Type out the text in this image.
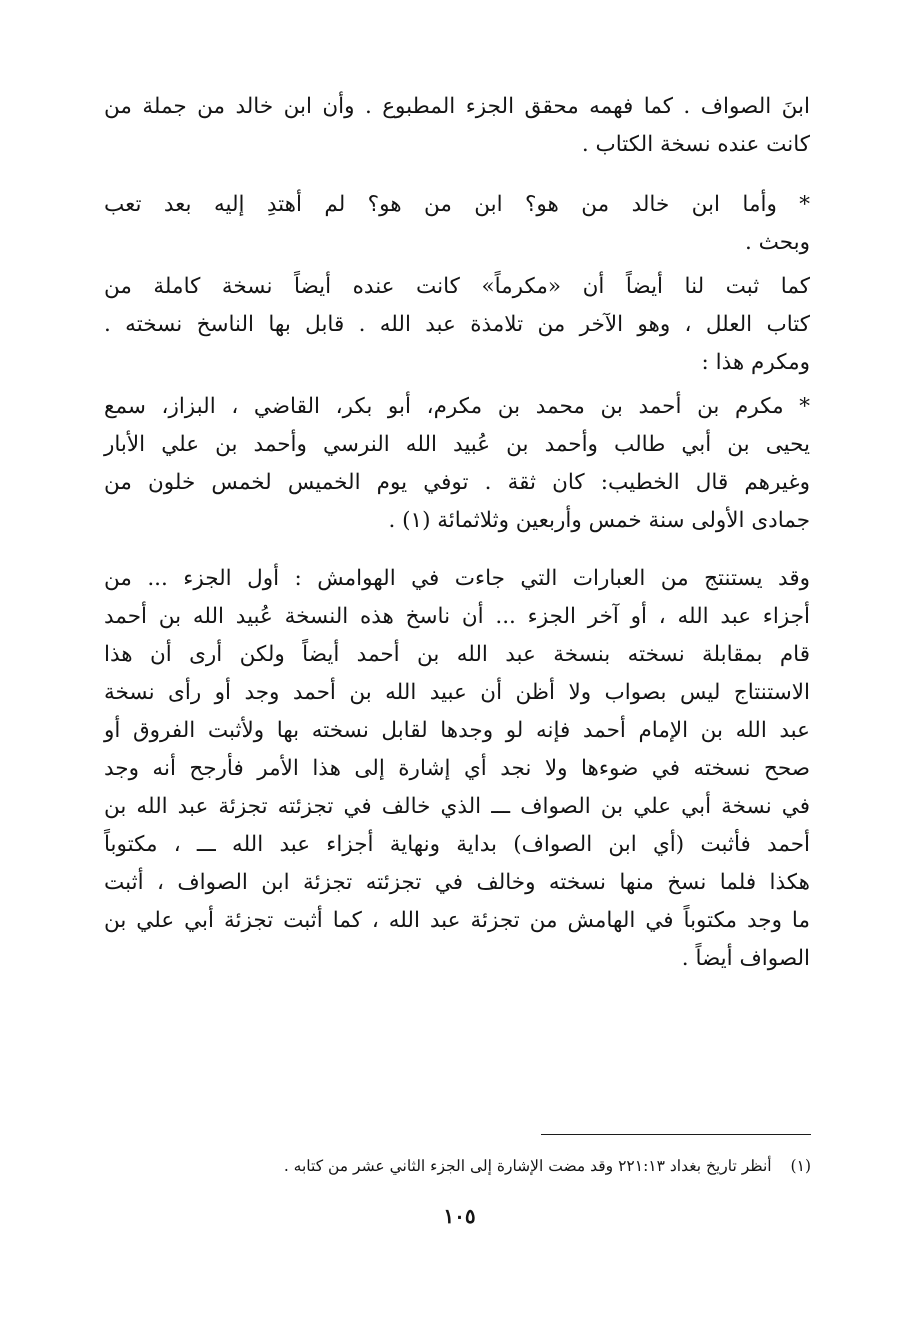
ابنَ الصواف . كما فهمه محقق الجزء المطبوع . وأن ابن خالد من جملة من
كانت عنده نسخة الكتاب .
* وأما ابن خالد من هو؟ ابن من هو؟ لم أهتدِ إليه بعد تعب
وبحث .
كما ثبت لنا أيضاً أن «مكرماً» كانت عنده أيضاً نسخة كاملة من
كتاب العلل ، وهو الآخر من تلامذة عبد الله . قابل بها الناسخ نسخته .
ومكرم هذا :
* مكرم بن أحمد بن محمد بن مكرم، أبو بكر، القاضي ، البزاز، سمع
يحيى بن أبي طالب وأحمد بن عُبيد الله النرسي وأحمد بن علي الأبار
وغيرهم قال الخطيب: كان ثقة . توفي يوم الخميس لخمس خلون من
جمادى الأولى سنة خمس وأربعين وثلاثمائة (١) .
وقد يستنتج من العبارات التي جاءت في الهوامش : أول الجزء ... من
أجزاء عبد الله ، أو آخر الجزء ... أن ناسخ هذه النسخة عُبيد الله بن أحمد
قام بمقابلة نسخته بنسخة عبد الله بن أحمد أيضاً ولكن أرى أن هذا
الاستنتاج ليس بصواب ولا أظن أن عبيد الله بن أحمد وجد أو رأى نسخة
عبد الله بن الإمام أحمد فإنه لو وجدها لقابل نسخته بها ولأثبت الفروق أو
صحح نسخته في ضوءها ولا نجد أي إشارة إلى هذا الأمر فأرجح أنه وجد
في نسخة أبي علي بن الصواف ـــ الذي خالف في تجزئته تجزئة عبد الله بن
أحمد فأثبت (أي ابن الصواف) بداية ونهاية أجزاء عبد الله ـــ ، مكتوباً
هكذا فلما نسخ منها نسخته وخالف في تجزئته تجزئة ابن الصواف ، أثبت
ما وجد مكتوباً في الهامش من تجزئة عبد الله ، كما أثبت تجزئة أبي علي بن
الصواف أيضاً .
(١) أنظر تاريخ بغداد ٢٢١:١٣ وقد مضت الإشارة إلى الجزء الثاني عشر من كتابه .
١٠٥
